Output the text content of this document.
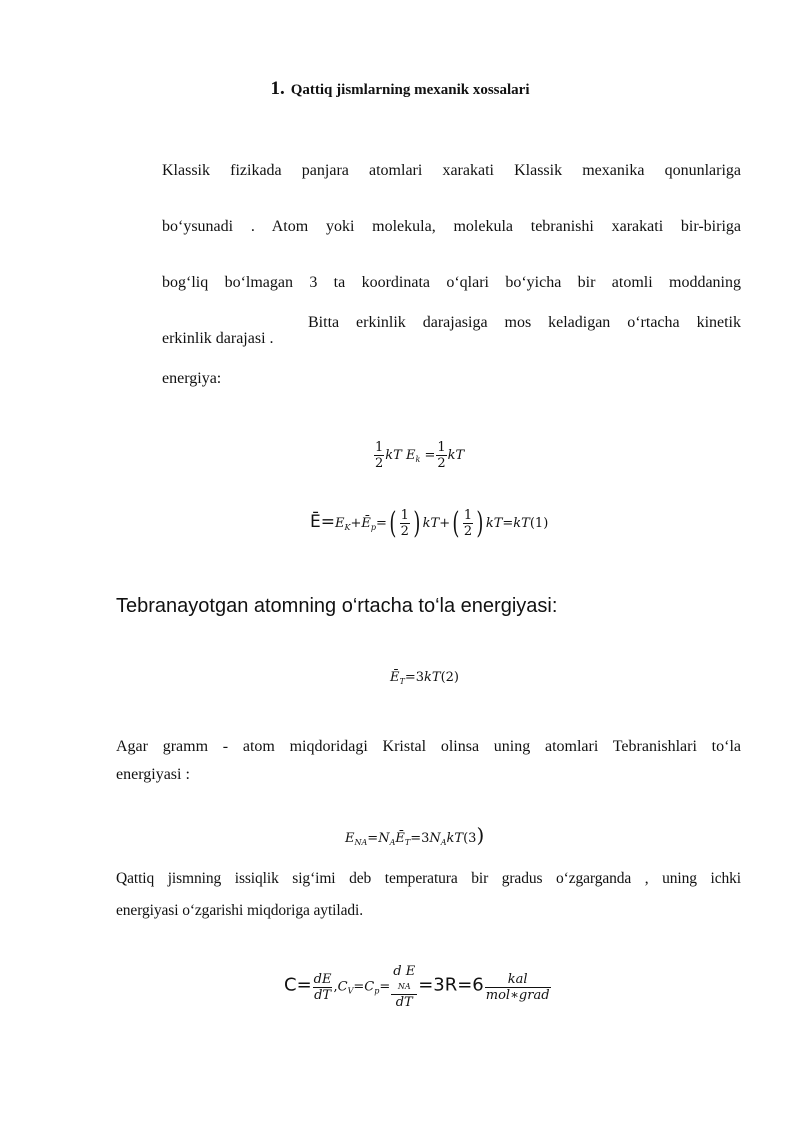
1. Qattiq jismlarning mexanik xossalari
Klassik fizikada panjara atomlari xarakati Klassik mexanika qonunlariga
bo‘ysunadi . Atom yoki molekula, molekula tebranishi xarakati bir-biriga
bog‘liq bo‘lmagan 3 ta koordinata o‘qlari bo‘yicha bir atomli moddaning
erkinlik darajasi .
Bitta erkinlik darajasiga mos keladigan o‘rtacha kinetik
energiya:
$\frac{1}{2}$ kT $E_k = \frac{1}{2}$ kT
$Ē=E_K+Ē_p=( \frac{1}{2}$ ) $kT+( \frac{1}{2}$ ) kT=kT(1)
Tebranayotgan atomning o‘rtacha to‘la energiyasi:
$Ē_T=3kT(2)$
Agar gramm - atom miqdoridagi Kristal olinsa uning atomlari Tebranishlari to‘la
energiyasi :
$E_{NA}=N_AĒ_T=3N_AkT(3)$
Qattiq jismning issiqlik sig‘imi deb temperatura bir gradus o‘zgarganda , uning ichki
energiyasi o‘zgarishi miqdoriga aytiladi.
$C= \frac{dE}{dT} ,C_V=C_p= d$ E
NA
dT $=3R=6 \frac{\text{kal}}{\text{mol∗grad}}$
